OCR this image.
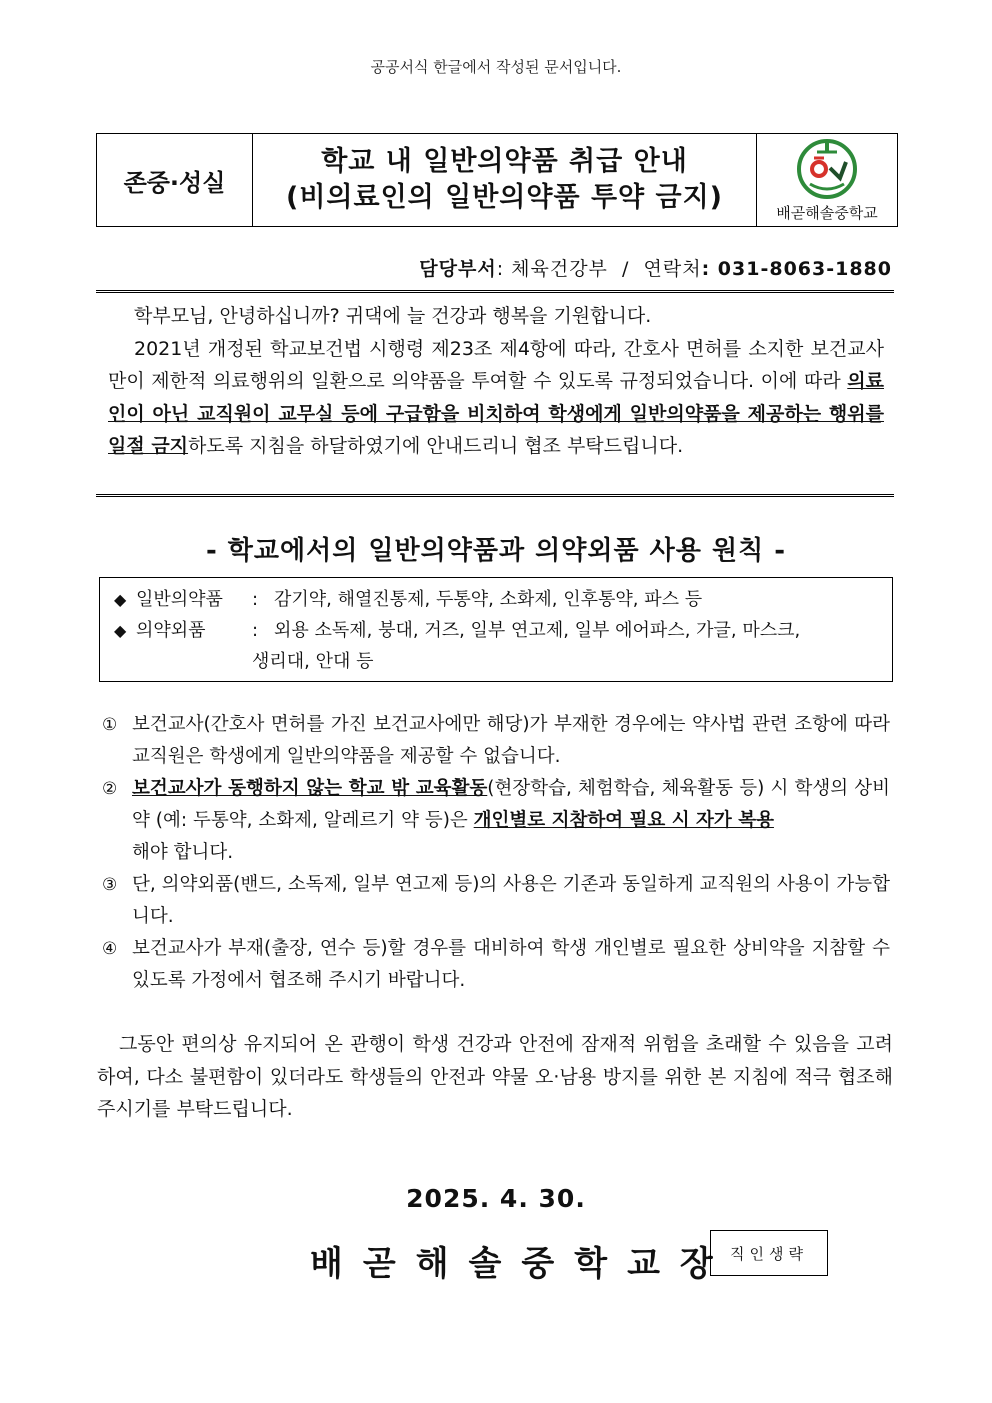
공공서식 한글에서 작성된 문서입니다.
존중·성실
학교 내 일반의약품 취급 안내
(비의료인의 일반의약품 투약 금지)	배곧해솔중학교
담당부서: 체육건강부 / 연락처: 031-8063-1880

학부모님, 안녕하십니까? 귀댁에 늘 건강과 행복을 기원합니다.

2021년 개정된 학교보건법 시행령 제23조 제4항에 따라, 간호사 면허를 소지한 보건교사만이 제한적 의료행위의 일환으로 의약품을 투여할 수 있도록 규정되었습니다. 이에 따라 의료인이 아닌 교직원이 교무실 등에 구급함을 비치하여 학생에게 일반의약품을 제공하는 행위를 일절 금지하도록 지침을 하달하였기에 안내드리니 협조 부탁드립니다.

- 학교에서의 일반의약품과 의약외품 사용 원칙 -
◆ 일반의약품	: 감기약, 해열진통제, 두통약, 소화제, 인후통약, 파스 등
◆ 의약외품	: 외용 소독제, 붕대, 거즈, 일부 연고제, 일부 에어파스, 가글, 마스크,
생리대, 안대 등
① 보건교사(간호사 면허를 가진 보건교사에만 해당)가 부재한 경우에는 약사법 관련 조항에 따라 교직원은 학생에게 일반의약품을 제공할 수 없습니다.
② 보건교사가 동행하지 않는 학교 밖 교육활동(현장학습, 체험학습, 체육활동 등) 시 학생의 상비약 (예: 두통약, 소화제, 알레르기 약 등)은 개인별로 지참하여 필요 시 자가 복용
해야 합니다.
③ 단, 의약외품(밴드, 소독제, 일부 연고제 등)의 사용은 기존과 동일하게 교직원의 사용이 가능합니다.
④ 보건교사가 부재(출장, 연수 등)할 경우를 대비하여 학생 개인별로 필요한 상비약을 지참할 수 있도록 가정에서 협조해 주시기 바랍니다.

그동안 편의상 유지되어 온 관행이 학생 건강과 안전에 잠재적 위험을 초래할 수 있음을 고려하여, 다소 불편함이 있더라도 학생들의 안전과 약물 오·남용 방지를 위한 본 지침에 적극 협조해 주시기를 부탁드립니다.

2025. 4. 30.
배곧해솔중학교장
직인생략
